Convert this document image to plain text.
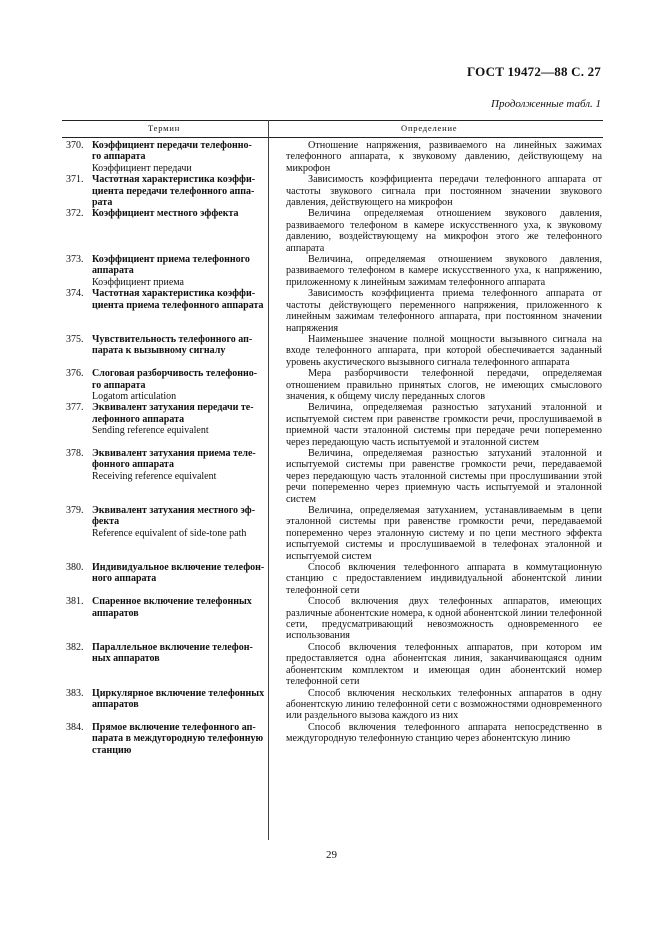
ГОСТ 19472—88 С. 27
Продолженные табл. 1
Термин	Определение
370. Коэффициент передачи телефонно-
го аппарата
Коэффициент передачи
Отношение напряжения, развиваемого на линейных зажимах телефонного аппарата, к звуковому давлению, действующему на микрофон
371. Частотная характеристика коэффи-
циента передачи телефонного аппа-
рата
Зависимость коэффициента передачи телефонного аппарата от частоты звукового сигнала при постоянном значении звукового давления, действующего на микрофон
372. Коэффициент местного эффекта	Величина определяемая отношением звукового давления, развиваемого телефоном в камере искусственного уха, к звуковому давлению, воздействующему на микрофон этого же телефонного аппарата
373. Коэффициент приема телефонного
аппарата
Коэффициент приема
Величина, определяемая отношением звукового давления, развиваемого телефоном в камере искусственного уха, к напряжению, приложенному к линейным зажимам телефонного аппарата
374. Частотная характеристика коэффи-
циента приема телефонного аппарата
Зависимость коэффициента приема телефонного аппарата от частоты действующего переменного напряжения, приложенного к линейным зажимам телефонного аппарата, при постоянном значении напряжения
375. Чувствительность телефонного ап-
парата к вызывному сигналу
Наименьшее значение полной мощности вызывного сигнала на входе телефонного аппарата, при которой обеспечивается заданный уровень акустического вызывного сигнала телефонного аппарата
376. Слоговая разборчивость телефонно-
го аппарата
Logatom articulation
Мера разборчивости телефонной передачи, определяемая отношением правильно принятых слогов, не имеющих смыслового значения, к общему числу переданных слогов
377. Эквивалент затухания передачи те-
лефонного аппарата
Sending reference equivalent
Величина, определяемая разностью затуханий эталонной и испытуемой систем при равенстве громкости речи, прослушиваемой в приемной части эталонной системы при передаче речи попеременно через передающую часть испытуемой и эталонной систем
378. Эквивалент затухания приема теле-
фонного аппарата
Receiving reference equivalent
Величина, определяемая разностью затуханий эталонной и испытуемой системы при равенстве громкости речи, передаваемой через передающую часть эталонной системы при прослушивании этой речи попеременно через приемную часть испытуемой и эталонной систем
379. Эквивалент затухания местного эф-
фекта
Reference equivalent of side-tone path
Величина, определяемая затуханием, устанавливаемым в цепи эталонной системы при равенстве громкости речи, передаваемой попеременно через эталонную систему и по цепи местного эффекта испытуемой системы и прослушиваемой в телефонах эталонной и испытуемой систем
380. Индивидуальное включение телефон-
ного аппарата
Способ включения телефонного аппарата в коммутационную станцию с предоставлением индивидуальной абонентской линии телефонной сети
381. Спаренное включение телефонных
аппаратов
Способ включения двух телефонных аппаратов, имеющих различные абонентские номера, к одной абонентской линии телефонной сети, предусматривающий невозможность одновременного ее использования
382. Параллельное включение телефон-
ных аппаратов
Способ включения телефонных аппаратов, при котором им предоставляется одна абонентская линия, заканчивающаяся одним абонентским комплектом и имеющая один абонентский номер телефонной сети
383. Циркулярное включение телефонных
аппаратов
Способ включения нескольких телефонных аппаратов в одну абонентскую линию телефонной сети с возможностями одновременного или раздельного вызова каждого из них
384. Прямое включение телефонного ап-
парата в междугородную телефонную
станцию
Способ включения телефонного аппарата непосредственно в междугородную телефонную станцию через абонентскую линию
29
